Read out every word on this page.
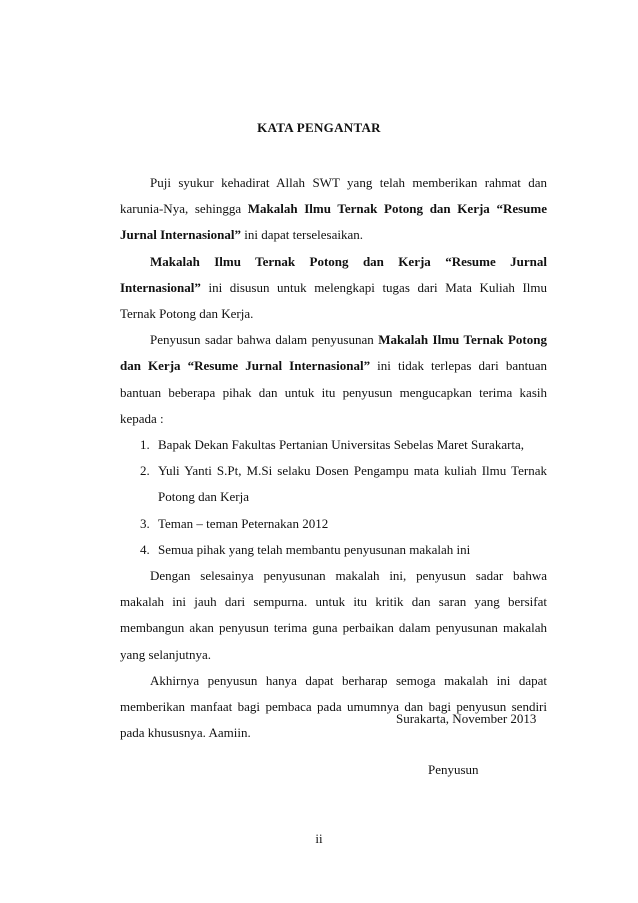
KATA PENGANTAR

Puji syukur kehadirat Allah SWT yang telah memberikan rahmat dan karunia-Nya, sehingga Makalah Ilmu Ternak Potong dan Kerja “Resume Jurnal Internasional” ini dapat terselesaikan.

Makalah Ilmu Ternak Potong dan Kerja “Resume Jurnal Internasional” ini disusun untuk melengkapi tugas dari Mata Kuliah Ilmu Ternak Potong dan Kerja.

Penyusun sadar bahwa dalam penyusunan Makalah Ilmu Ternak Potong dan Kerja “Resume Jurnal Internasional” ini tidak terlepas dari bantuan bantuan beberapa pihak dan untuk itu penyusun mengucapkan terima kasih kepada :

1. Bapak Dekan Fakultas Pertanian Universitas Sebelas Maret Surakarta,
2. Yuli Yanti S.Pt, M.Si selaku Dosen Pengampu mata kuliah Ilmu Ternak Potong dan Kerja
3. Teman – teman Peternakan 2012
4. Semua pihak yang telah membantu penyusunan makalah ini

Dengan selesainya penyusunan makalah ini, penyusun sadar bahwa makalah ini jauh dari sempurna. untuk itu kritik dan saran yang bersifat membangun akan penyusun terima guna perbaikan dalam penyusunan makalah yang selanjutnya.

Akhirnya penyusun hanya dapat berharap semoga makalah ini dapat memberikan manfaat bagi pembaca pada umumnya dan bagi penyusun sendiri pada khususnya. Aamiin.

Surakarta, November 2013
Penyusun
ii
